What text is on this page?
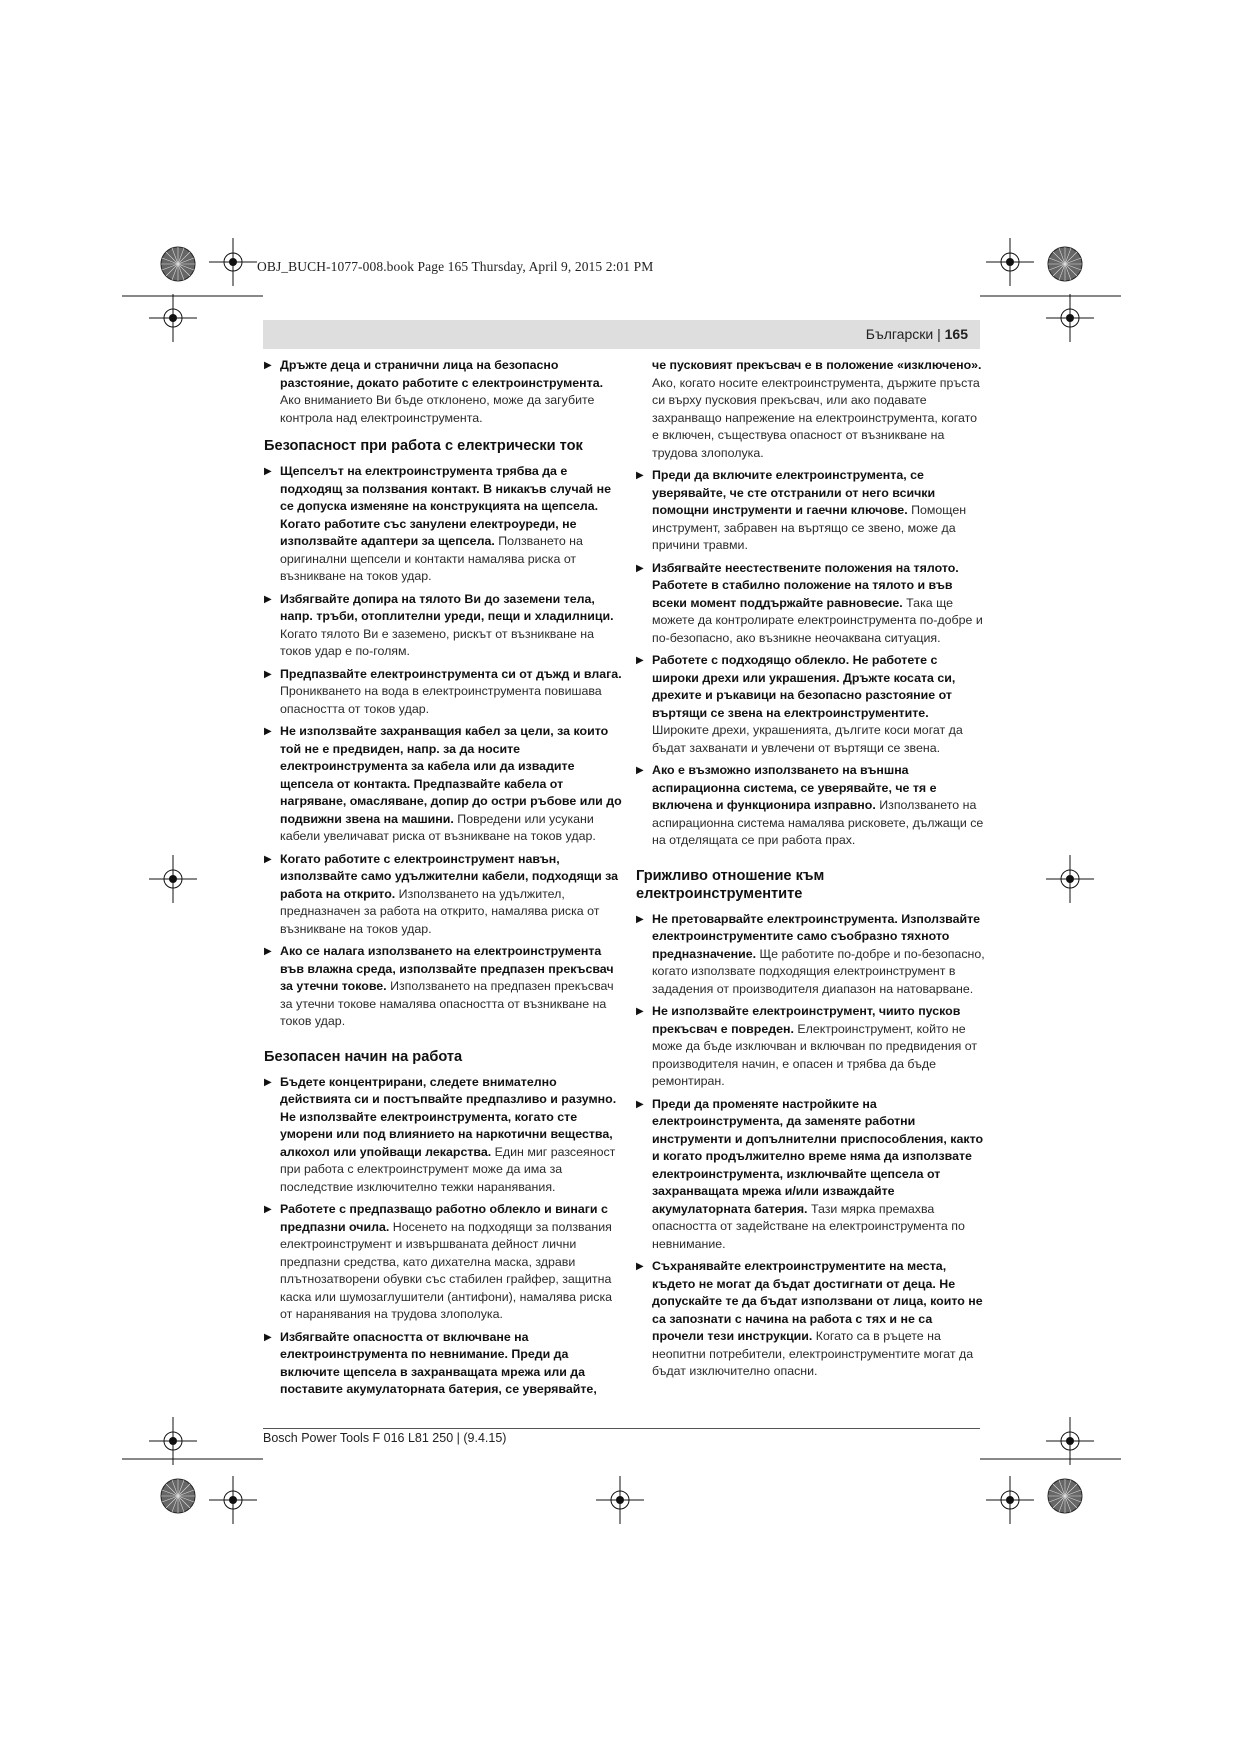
OBJ_BUCH-1077-008.book Page 165 Thursday, April 9, 2015 2:01 PM
Български | 165
▶ Дръжте деца и странични лица на безопасно разстояние, докато работите с електроинструмента. Ако вниманието Ви бъде отклонено, може да загубите контрола над електроинструмента.
Безопасност при работа с електрически ток
▶ Щепселът на електроинструмента трябва да е подходящ за ползвания контакт. В никакъв случай не се допуска изменяне на конструкцията на щепсела. Когато работите със занулени електроуреди, не използвайте адаптери за щепсела. Ползването на оригинални щепсели и контакти намалява риска от възникване на токов удар.
▶ Избягвайте допира на тялото Ви до заземени тела, напр. тръби, отоплителни уреди, пещи и хладилници. Когато тялото Ви е заземено, рискът от възникване на токов удар е по-голям.
▶ Предпазвайте електроинструмента си от дъжд и влага. Проникването на вода в електроинструмента повишава опасността от токов удар.
▶ Не използвайте захранващия кабел за цели, за които той не е предвиден, напр. за да носите електроинструмента за кабела или да извадите щепсела от контакта. Предпазвайте кабела от нагряване, омасляване, допир до остри ръбове или до подвижни звена на машини. Повредени или усукани кабели увеличават риска от възникване на токов удар.
▶ Когато работите с електроинструмент навън, използвайте само удължителни кабели, подходящи за работа на открито. Използването на удължител, предназначен за работа на открито, намалява риска от възникване на токов удар.
▶ Ако се налага използването на електроинструмента във влажна среда, използвайте предпазен прекъсвач за утечни токове. Използването на предпазен прекъсвач за утечни токове намалява опасността от възникване на токов удар.
Безопасен начин на работа
▶ Бъдете концентрирани, следете внимателно действията си и постъпвайте предпазливо и разумно. Не използвайте електроинструмента, когато сте уморени или под влиянието на наркотични вещества, алкохол или упойващи лекарства. Един миг разсеяност при работа с електроинструмент може да има за последствие изключително тежки наранявания.
▶ Работете с предпазващо работно облекло и винаги с предпазни очила. Носенето на подходящи за ползвания електроинструмент и извършваната дейност лични предпазни средства, като дихателна маска, здрави плътнозатворени обувки със стабилен грайфер, защитна каска или шумозаглушители (антифони), намалява риска от наранявания на трудова злополука.
▶ Избягвайте опасността от включване на електроинструмента по невнимание. Преди да включите щепсела в захранващата мрежа или да поставите акумулаторната батерия, се уверявайте,
че пусковият прекъсвач е в положение «изключено». Ако, когато носите електроинструмента, държите пръста си върху пусковия прекъсвач, или ако подавате захранващо напрежение на електроинструмента, когато е включен, съществува опасност от възникване на трудова злополука.
▶ Преди да включите електроинструмента, се уверявайте, че сте отстранили от него всички помощни инструменти и гаечни ключове. Помощен инструмент, забравен на въртящо се звено, може да причини травми.
▶ Избягвайте неестествените положения на тялото. Работете в стабилно положение на тялото и във всеки момент поддържайте равновесие. Така ще можете да контролирате електроинструмента по-добре и по-безопасно, ако възникне неочаквана ситуация.
▶ Работете с подходящо облекло. Не работете с широки дрехи или украшения. Дръжте косата си, дрехите и ръкавици на безопасно разстояние от въртящи се звена на електроинструментите. Широките дрехи, украшенията, дългите коси могат да бъдат захванати и увлечени от въртящи се звена.
▶ Ако е възможно използването на външна аспирационна система, се уверявайте, че тя е включена и функционира изправно. Използването на аспирационна система намалява рисковете, дължащи се на отделящата се при работа прах.
Грижливо отношение към електроинструментите
▶ Не претоварвайте електроинструмента. Използвайте електроинструментите само съобразно тяхното предназначение. Ще работите по-добре и по-безопасно, когато използвате подходящия електроинструмент в зададения от производителя диапазон на натоварване.
▶ Не използвайте електроинструмент, чиито пусков прекъсвач е повреден. Електроинструмент, който не може да бъде изключван и включван по предвидения от производителя начин, е опасен и трябва да бъде ремонтиран.
▶ Преди да променяте настройките на електроинструмента, да заменяте работни инструменти и допълнителни приспособления, както и когато продължително време няма да използвате електроинструмента, изключвайте щепсела от захранващата мрежа и/или изваждайте акумулаторната батерия. Тази мярка премахва опасността от задействане на електроинструмента по невнимание.
▶ Съхранявайте електроинструментите на места, където не могат да бъдат достигнати от деца. Не допускайте те да бъдат използвани от лица, които не са запознати с начина на работа с тях и не са прочели тези инструкции. Когато са в ръцете на неопитни потребители, електроинструментите могат да бъдат изключително опасни.
Bosch Power Tools F 016 L81 250 | (9.4.15)
